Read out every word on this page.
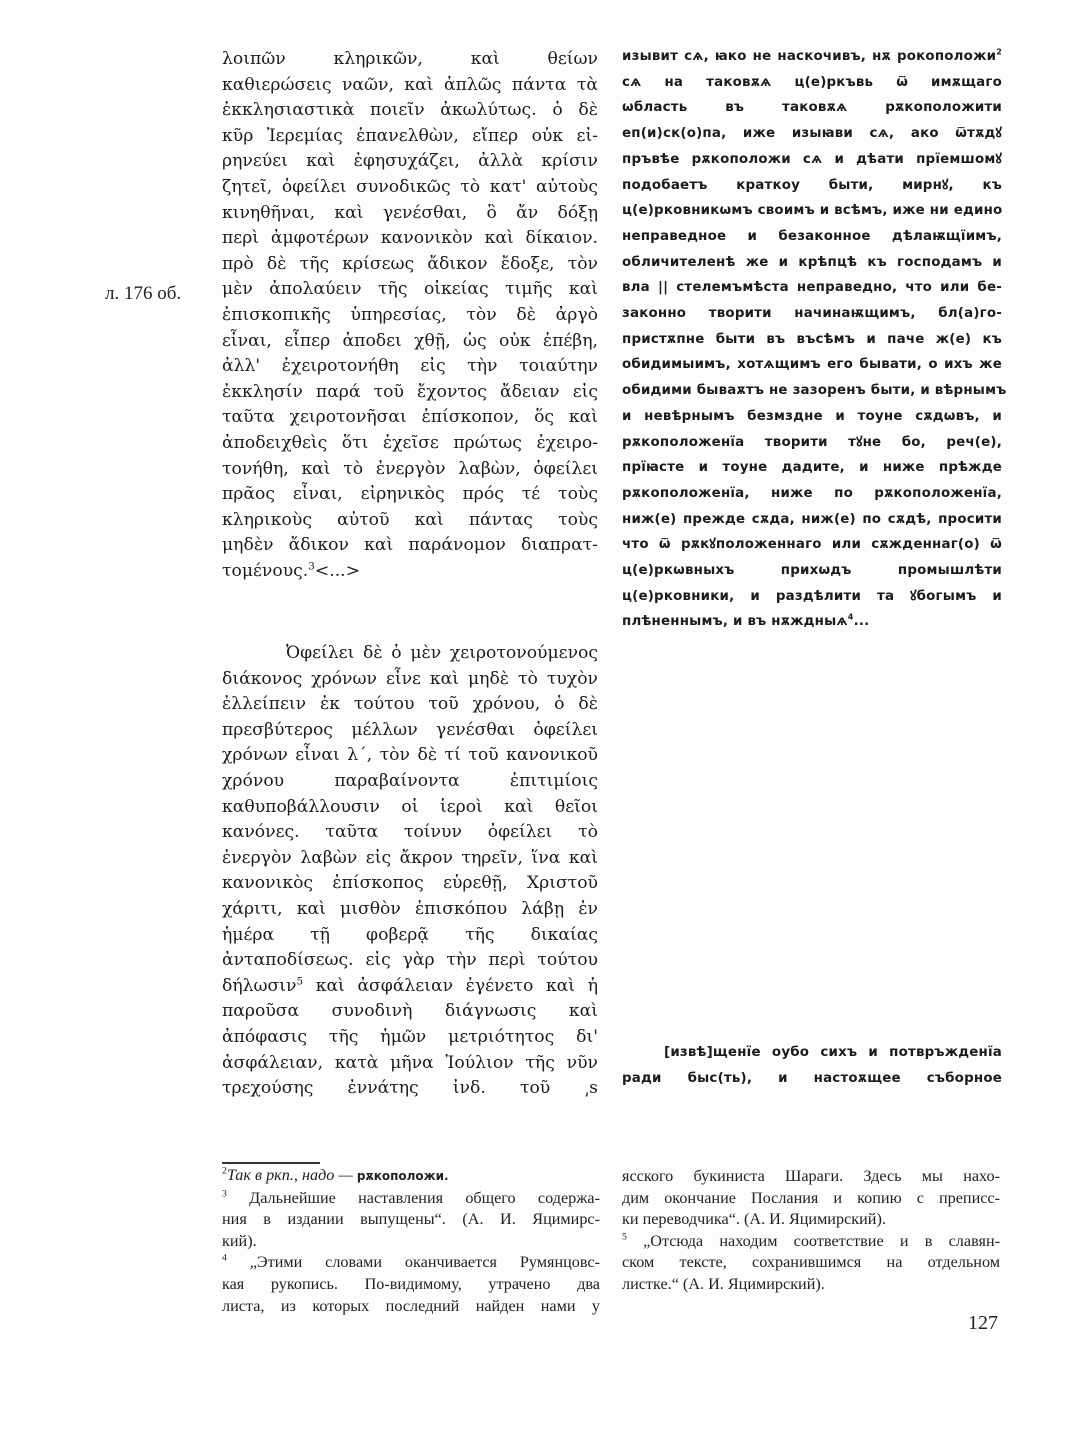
л. 176 об.
λοιπῶν κληρικῶν, καὶ θείων
καθιερώσεις ναῶν, καὶ ἁπλῶς πάντα τὰ
ἐκκλησιαστικὰ ποιεῖν ἀκωλύτως. ὁ δὲ
κῦρ Ἰερεμίας ἐπανελθὼν, εἴπερ οὐκ εἰ-
ρηνεύει καὶ ἐφησυχάζει, ἀλλὰ κρίσιν
ζητεῖ, ὀφείλει συνοδικῶς τὸ κατ' αὐτοὺς
κινηθῆναι, καὶ γενέσθαι, ὃ ἄν δόξῃ
περὶ ἀμφοτέρων κανονικὸν καὶ δίκαιον.
πρὸ δὲ τῆς κρίσεως ἄδικον ἔδοξε, τὸν
μὲν ἀπολαύειν τῆς οἰκείας τιμῆς καὶ
ἐπισκοπικῆς ὑπηρεσίας, τὸν δὲ ἀργὸ
εἶναι, εἶπερ ἀποδει χθῇ, ὡς οὐκ ἐπέβη,
ἀλλ' ἐχειροτονήθη εἰς τὴν τοιαύτην
ἐκκλησίν παρά τοῦ ἔχοντος ἄδειαν εἰς
ταῦτα χειροτονῆσαι ἐπίσκοπον, ὅς καὶ
ἀποδειχθεὶς ὅτι ἐχεῖσε πρώτως ἐχειρο-
τονήθη, καὶ τὸ ἐνεργὸν λαβὼν, ὀφείλει
πρᾶος εἶναι, εἰρηνικὸς πρός τέ τοὺς
κληρικοὺς αὐτοῦ καὶ πάντας τοὺς
μηδὲν ἄδικον καὶ παράνομον διαπρατ-
τομένους.$^3$<...>
Ὀφείλει δὲ ὁ μὲν χειροτονούμενος
διάκονος χρόνων εἶνε καὶ μηδὲ τὸ τυχὸν
ἐλλείπειν ἐκ τούτου τοῦ χρόνου, ὁ δὲ
πρεσβύτερος μέλλων γενέσθαι ὀφείλει
χρόνων εἶναι λ΄, τὸν δὲ τί τοῦ κανονικοῦ
χρόνου παραβαίνοντα ἐπιτιμίοις
καθυποβάλλουσιν οἱ ἱεροὶ καὶ θεῖοι
κανόνες. ταῦτα τοίνυν ὀφείλει τὸ
ἐνεργὸν λαβὼν εἰς ἄκρον τηρεῖν, ἵνα καὶ
κανονικὸς ἐπίσκοπος εὑρεθῇ, Χριστοῦ
χάριτι, καὶ μισθὸν ἐπισκόπου λάβῃ ἐν
ἡμέρα τῇ φοβερᾷ τῆς δικαίας
ἀνταποδίσεως. εἰς γὰρ τὴν περὶ τούτου
δήλωσιν$^5$ καὶ ἀσφάλειαν ἐγένετο καὶ ἡ
παροῦσα συνοδινὴ διάγνωσις καὶ
ἀπόφασις τῆς ἡμῶν μετριότητος δι'
ἀσφάλειαν, κατὰ μῆνα Ἰούλιον τῆς νῦν
τρεχούσης ἐννάτης ἰνδ. τοῦ ͵ѕ
изывит сѧ, ꙗко не наскочивъ, нѫ рокоположи$^2$
сѧ на таковѫѧ ц(е)ркъвь ѿ имѫщаго
ѡбласть въ таковѫѧ рѫкоположити
еп(и)ск(о)па, иже изыꙗви сѧ, ако ѿтѫдꙋ
пръвѣе рѫкоположи сѧ и дѣати прїемшомꙋ
подобаетъ краткоу быти, мирнꙋ, къ
ц(е)рковникѡмъ своимъ и всѣмъ, иже ни едино
неправедное и безаконное дѣлаѭщїимъ,
обличителенѣ же и крѣпцѣ къ господамъ и
вла || стелемъмѣста неправедно, что или бе-
законно творити начинаѭщимъ, бл(а)го-
пристѫпне быти въ въсѣмъ и паче ж(е) къ
обидимыимъ, хотѧщимъ его бывати, о ихъ же
обидими бываѫтъ не зазоренъ быти, и вѣрнымъ
и невѣрнымъ безмздне и тоуне сѫдѡвъ, и
рѫкоположенїа творити тꙋне бо, реч(е),
прїꙗсте и тоуне дадите, и ниже прѣжде
рѫкоположенїа, ниже по рѫкоположенїа,
ниж(е) прежде сѫда, ниж(е) по сѫдѣ, просити
что ѿ рѫкꙋположеннаго или сѫжденнаг(о) ѿ
ц(е)ркѡвныхъ прихѡдъ промышлѣти
ц(е)рковники, и раздѣлити та ꙋбогымъ и
плѣненнымъ, и въ нѫждныѧ$^4$...
[извѣ]щенїе оубо сихъ и потвръжденїа
ради быс(ть), и настоѫщее съборное
$^2$Так в ркп., надо — рѫкоположи.
$^3$ Дальнейшие наставления общего содержа-
ния в издании выпущены“. (А. И. Яцимирс-
кий).
$^4$ „Этими словами оканчивается Румянцовс-
кая рукопись. По-видимому, утрачено два
листа, из которых последний найден нами у
ясского букиниста Шараги. Здесь мы нахо-
дим окончание Послания и копию с преписс-
ки переводчика“. (А. И. Яцимирский).
$^5$ „Отсюда находим соответствие и в славян-
ском тексте, сохранившимся на отдельном
листке.“ (А. И. Яцимирский).
127
